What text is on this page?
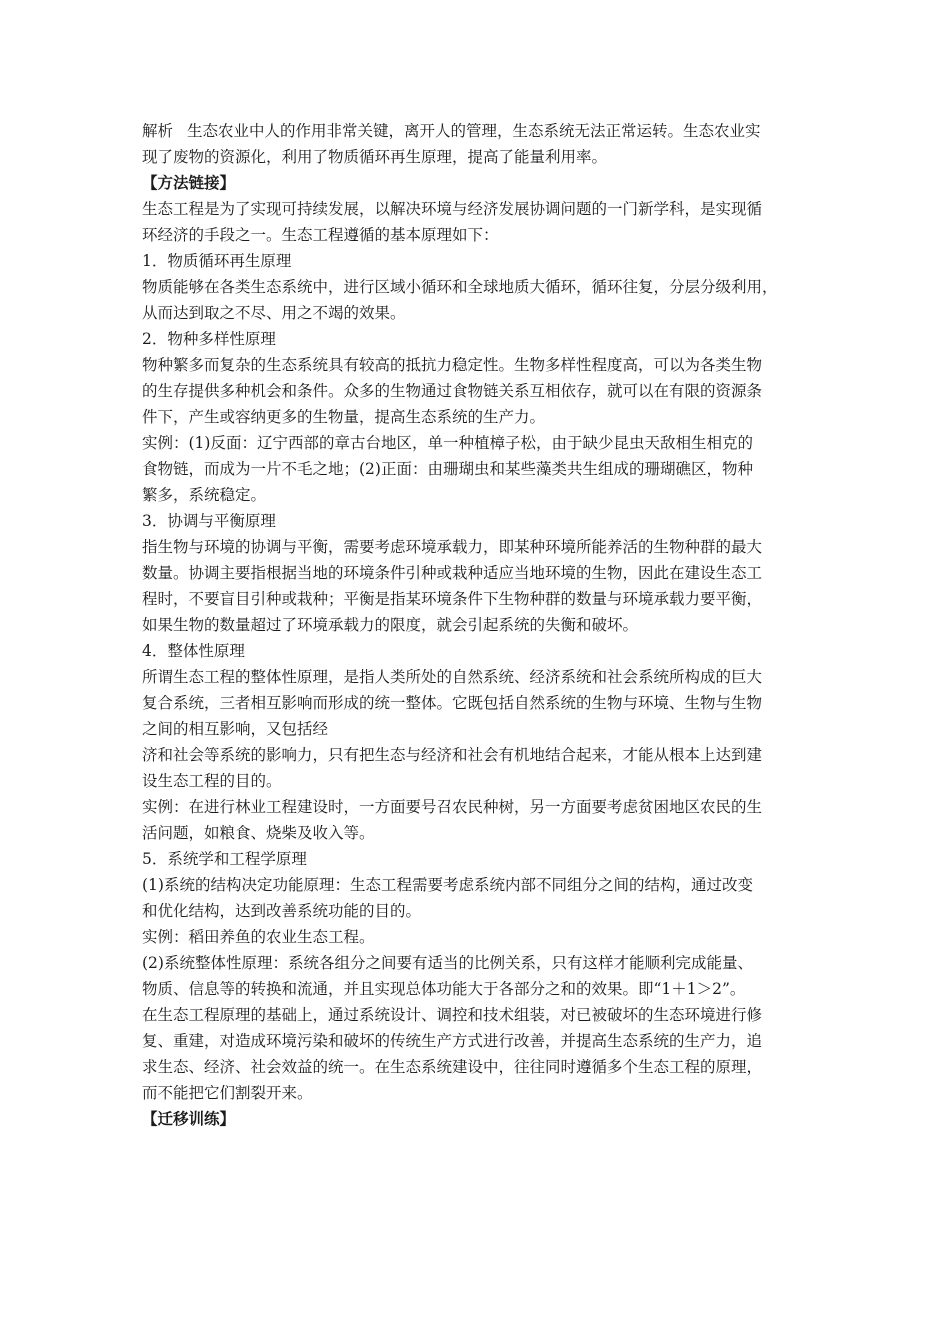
解析 生态农业中人的作用非常关键，离开人的管理，生态系统无法正常运转。生态农业实

现了废物的资源化，利用了物质循环再生原理，提高了能量利用率。

【方法链接】

生态工程是为了实现可持续发展，以解决环境与经济发展协调问题的一门新学科，是实现循

环经济的手段之一。生态工程遵循的基本原理如下：

1．物质循环再生原理

物质能够在各类生态系统中，进行区域小循环和全球地质大循环，循环往复，分层分级利用，

从而达到取之不尽、用之不竭的效果。

2．物种多样性原理

物种繁多而复杂的生态系统具有较高的抵抗力稳定性。生物多样性程度高，可以为各类生物

的生存提供多种机会和条件。众多的生物通过食物链关系互相依存，就可以在有限的资源条

件下，产生或容纳更多的生物量，提高生态系统的生产力。

实例：(1)反面：辽宁西部的章古台地区，单一种植樟子松，由于缺少昆虫天敌相生相克的

食物链，而成为一片不毛之地；(2)正面：由珊瑚虫和某些藻类共生组成的珊瑚礁区，物种

繁多，系统稳定。

3．协调与平衡原理

指生物与环境的协调与平衡，需要考虑环境承载力，即某种环境所能养活的生物种群的最大

数量。协调主要指根据当地的环境条件引种或栽种适应当地环境的生物，因此在建设生态工

程时，不要盲目引种或栽种；平衡是指某环境条件下生物种群的数量与环境承载力要平衡，

如果生物的数量超过了环境承载力的限度，就会引起系统的失衡和破坏。

4．整体性原理

所谓生态工程的整体性原理，是指人类所处的自然系统、经济系统和社会系统所构成的巨大

复合系统，三者相互影响而形成的统一整体。它既包括自然系统的生物与环境、生物与生物

之间的相互影响，又包括经

济和社会等系统的影响力，只有把生态与经济和社会有机地结合起来，才能从根本上达到建

设生态工程的目的。

实例：在进行林业工程建设时，一方面要号召农民种树，另一方面要考虑贫困地区农民的生

活问题，如粮食、烧柴及收入等。

5．系统学和工程学原理

(1)系统的结构决定功能原理：生态工程需要考虑系统内部不同组分之间的结构，通过改变

和优化结构，达到改善系统功能的目的。

实例：稻田养鱼的农业生态工程。

(2)系统整体性原理：系统各组分之间要有适当的比例关系，只有这样才能顺利完成能量、

物质、信息等的转换和流通，并且实现总体功能大于各部分之和的效果。即“1＋1＞2”。

在生态工程原理的基础上，通过系统设计、调控和技术组装，对已被破坏的生态环境进行修

复、重建，对造成环境污染和破坏的传统生产方式进行改善，并提高生态系统的生产力，追

求生态、经济、社会效益的统一。在生态系统建设中，往往同时遵循多个生态工程的原理，

而不能把它们割裂开来。

【迁移训练】
